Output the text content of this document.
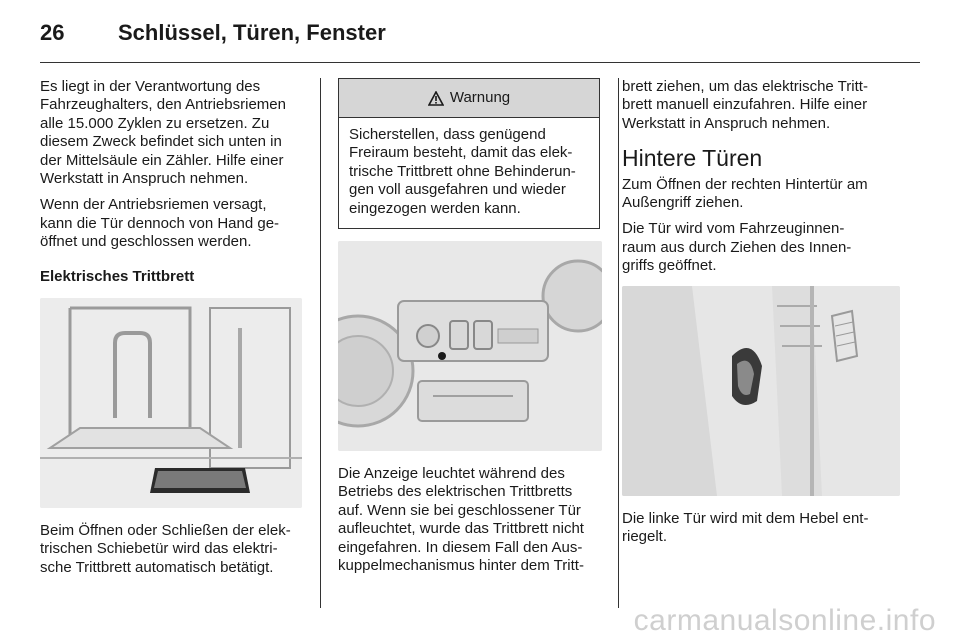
26 Schlüssel, Türen, Fenster

Es liegt in der Verantwortung des
Fahrzeughalters, den Antriebsriemen
alle 15.000 Zyklen zu ersetzen. Zu
diesem Zweck befindet sich unten in
der Mittelsäule ein Zähler. Hilfe einer
Werkstatt in Anspruch nehmen.

Wenn der Antriebsriemen versagt,
kann die Tür dennoch von Hand ge-
öffnet und geschlossen werden.

Elektrisches Trittbrett

Beim Öffnen oder Schließen der elek-
trischen Schiebetür wird das elektri-
sche Trittbrett automatisch betätigt.

Warnung
Sicherstellen, dass genügend
Freiraum besteht, damit das elek-
trische Trittbrett ohne Behinderun-
gen voll ausgefahren und wieder
eingezogen werden kann.

Die Anzeige leuchtet während des
Betriebs des elektrischen Trittbretts
auf. Wenn sie bei geschlossener Tür
aufleuchtet, wurde das Trittbrett nicht
eingefahren. In diesem Fall den Aus-
kuppelmechanismus hinter dem Tritt-

brett ziehen, um das elektrische Tritt-
brett manuell einzufahren. Hilfe einer
Werkstatt in Anspruch nehmen.

Hintere Türen

Zum Öffnen der rechten Hintertür am
Außengriff ziehen.

Die Tür wird vom Fahrzeuginnen-
raum aus durch Ziehen des Innen-
griffs geöffnet.

Die linke Tür wird mit dem Hebel ent-
riegelt.

carmanualsonline.info
